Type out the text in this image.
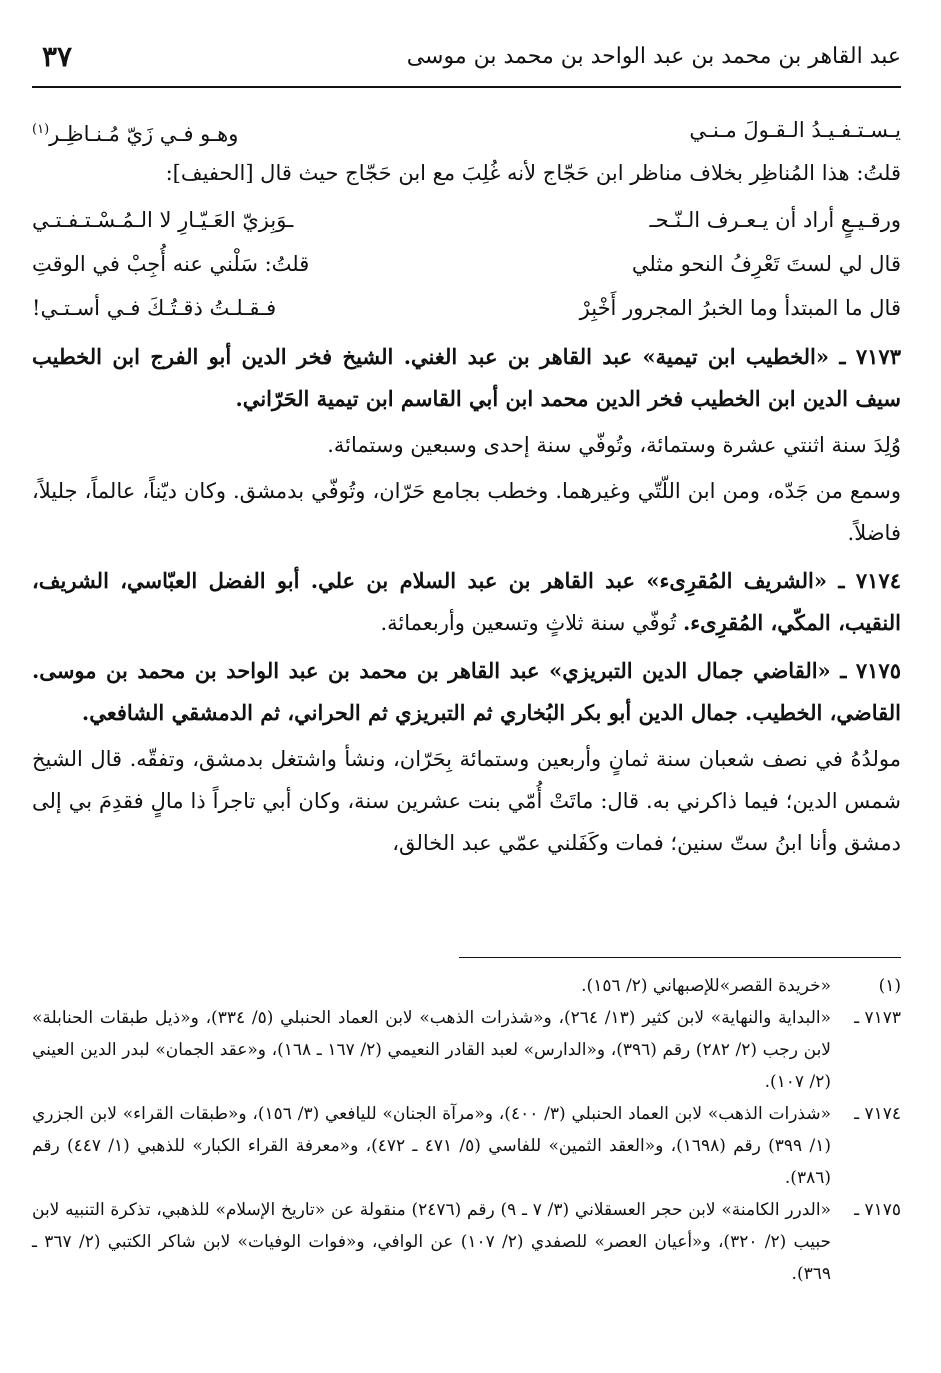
عبد القاهر بن محمد بن عبد الواحد بن محمد بن موسى
٣٧
يـسـتـفـيـدُ الـقـولَ مـنـي
وهـو فـي زَيّ مُـنـاظِـر$^{(١)}$

قلتُ: هذا المُناظِر بخلاف مناظر ابن حَجّاج لأنه غُلِبَ مع ابن حَجّاج حيث قال [الحفيف]:

ورقـيـعٍ أراد أن يـعـرف الـنّـحـ
ـوَبِزيّ العَـيّـارِ لا الـمُـسْـتـفـتـي
قال لي لستَ تَعْرِفُ النحو مثلي
قلتُ: سَلْني عنه أُجِبْ في الوقتِ
قال ما المبتدأ وما الخبرُ المجرور أَخْبِرْ
فـقـلـتُ ذقـتُـكَ فـي أسـتـي!

٧١٧٣ ـ «الخطيب ابن تيمية» عبد القاهر بن عبد الغني. الشيخ فخر الدين أبو الفرج ابن الخطيب سيف الدين ابن الخطيب فخر الدين محمد ابن أبي القاسم ابن تيمية الحَرّاني.

وُلِدَ سنة اثنتي عشرة وستمائة، وتُوفّي سنة إحدى وسبعين وستمائة.

وسمع من جَدّه، ومن ابن اللّتّي وغيرهما. وخطب بجامع حَرّان، وتُوفّي بدمشق. وكان ديّناً، عالماً، جليلاً، فاضلاً.

٧١٧٤ ـ «الشريف المُقرِىء» عبد القاهر بن عبد السلام بن علي. أبو الفضل العبّاسي، الشريف، النقيب، المكّي، المُقرِىء. تُوفّي سنة ثلاثٍ وتسعين وأربعمائة.

٧١٧٥ ـ «القاضي جمال الدين التبريزي» عبد القاهر بن محمد بن عبد الواحد بن محمد بن موسى. القاضي، الخطيب. جمال الدين أبو بكر البُخاري ثم التبريزي ثم الحراني، ثم الدمشقي الشافعي.

مولدُهُ في نصف شعبان سنة ثمانٍ وأربعين وستمائة بِحَرّان، ونشأ واشتغل بدمشق، وتفقّه. قال الشيخ شمس الدين؛ فيما ذاكرني به. قال: ماتَتْ أُمّي بنت عشرين سنة، وكان أبي تاجراً ذا مالٍ فقدِمَ بي إلى دمشق وأنا ابنُ ستّ سنين؛ فمات وكَفَلني عمّي عبد الخالق،

(١)
«خريدة القصر»للإصبهاني (٢/ ١٥٦).
٧١٧٣ ـ
«البداية والنهاية» لابن كثير (١٣/ ٢٦٤)، و«شذرات الذهب» لابن العماد الحنبلي (٥/ ٣٣٤)، و«ذيل طبقات الحنابلة» لابن رجب (٢/ ٢٨٢) رقم (٣٩٦)، و«الدارس» لعبد القادر النعيمي (٢/ ١٦٧ ـ ١٦٨)، و«عقد الجمان» لبدر الدين العيني (٢/ ١٠٧).
٧١٧٤ ـ
«شذرات الذهب» لابن العماد الحنبلي (٣/ ٤٠٠)، و«مرآة الجنان» لليافعي (٣/ ١٥٦)، و«طبقات القراء» لابن الجزري (١/ ٣٩٩) رقم (١٦٩٨)، و«العقد الثمين» للفاسي (٥/ ٤٧١ ـ ٤٧٢)، و«معرفة القراء الكبار» للذهبي (١/ ٤٤٧) رقم (٣٨٦).
٧١٧٥ ـ
«الدرر الكامنة» لابن حجر العسقلاني (٣/ ٧ ـ ٩) رقم (٢٤٧٦) منقولة عن «تاريخ الإسلام» للذهبي، تذكرة التنبيه لابن حبيب (٢/ ٣٢٠)، و«أعيان العصر» للصفدي (٢/ ١٠٧) عن الوافي، و«فوات الوفيات» لابن شاكر الكتبي (٢/ ٣٦٧ ـ ٣٦٩).
